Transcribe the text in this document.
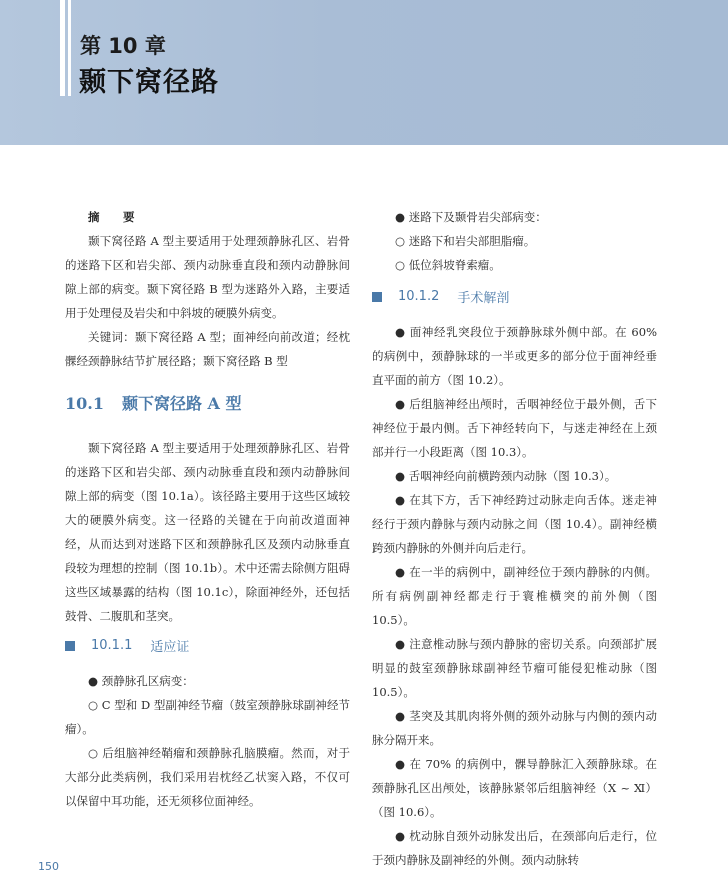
第 10 章
颞下窝径路
摘　要

颞下窝径路 A 型主要适用于处理颈静脉孔区、岩骨的迷路下区和岩尖部、颈内动脉垂直段和颈内动静脉间隙上部的病变。颞下窝径路 B 型为迷路外入路，主要适用于处理侵及岩尖和中斜坡的硬膜外病变。

关键词：颞下窝径路 A 型；面神经向前改道；经枕髁经颈静脉结节扩展径路；颞下窝径路 B 型

10.1 颞下窝径路 A 型

颞下窝径路 A 型主要适用于处理颈静脉孔区、岩骨的迷路下区和岩尖部、颈内动脉垂直段和颈内动静脉间隙上部的病变（图 10.1a）。该径路主要用于这些区域较大的硬膜外病变。这一径路的关键在于向前改道面神经，从而达到对迷路下区和颈静脉孔区及颈内动脉垂直段较为理想的控制（图 10.1b）。术中还需去除侧方阻碍这些区域暴露的结构（图 10.1c），除面神经外，还包括鼓骨、二腹肌和茎突。

10.1.1 适应证

● 颈静脉孔区病变：

○ C 型和 D 型副神经节瘤（鼓室颈静脉球副神经节瘤）。

○ 后组脑神经鞘瘤和颈静脉孔脑膜瘤。然而，对于大部分此类病例，我们采用岩枕经乙状窦入路，不仅可以保留中耳功能，还无须移位面神经。

● 迷路下及颞骨岩尖部病变：

○ 迷路下和岩尖部胆脂瘤。

○ 低位斜坡脊索瘤。

10.1.2 手术解剖

● 面神经乳突段位于颈静脉球外侧中部。在 60% 的病例中，颈静脉球的一半或更多的部分位于面神经垂直平面的前方（图 10.2）。

● 后组脑神经出颅时，舌咽神经位于最外侧，舌下神经位于最内侧。舌下神经转向下，与迷走神经在上颈部并行一小段距离（图 10.3）。

● 舌咽神经向前横跨颈内动脉（图 10.3）。

● 在其下方，舌下神经跨过动脉走向舌体。迷走神经行于颈内静脉与颈内动脉之间（图 10.4）。副神经横跨颈内静脉的外侧并向后走行。

● 在一半的病例中，副神经位于颈内静脉的内侧。所有病例副神经都走行于寰椎横突的前外侧（图 10.5）。

● 注意椎动脉与颈内静脉的密切关系。向颈部扩展明显的鼓室颈静脉球副神经节瘤可能侵犯椎动脉（图 10.5）。

● 茎突及其肌肉将外侧的颈外动脉与内侧的颈内动脉分隔开来。

● 在 70% 的病例中，髁导静脉汇入颈静脉球。在颈静脉孔区出颅处，该静脉紧邻后组脑神经（Ⅹ ~ Ⅺ）（图 10.6）。

● 枕动脉自颈外动脉发出后，在颈部向后走行，位于颈内静脉及副神经的外侧。颈内动脉转

150
